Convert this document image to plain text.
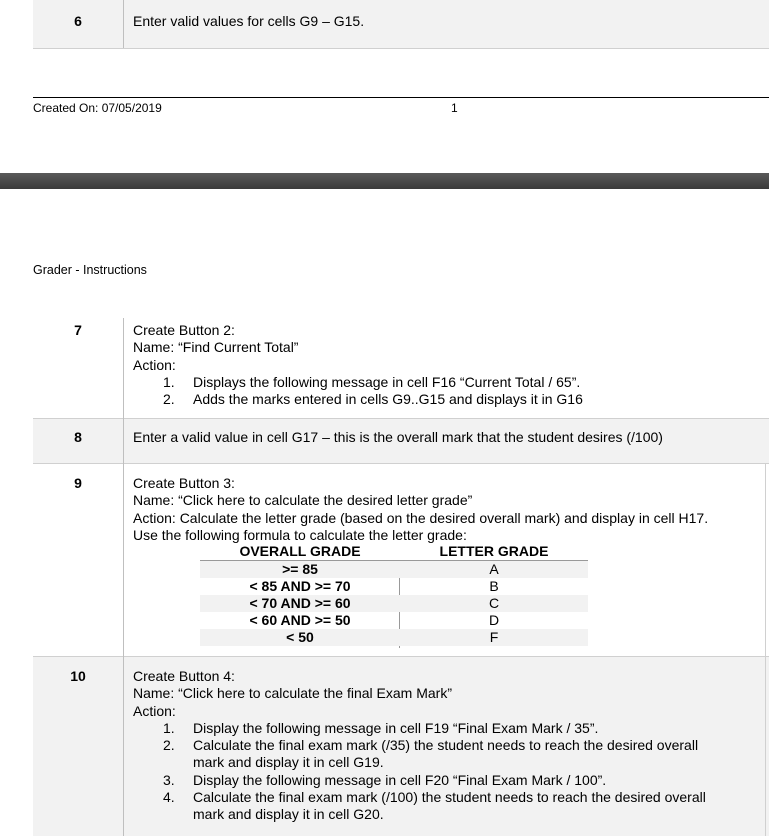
6	Enter valid values for cells G9 – G15.
Created On: 07/05/2019	1
Grader - Instructions
7	Create Button 2:
Name: “Find Current Total”
Action:
1.	Displays the following message in cell F16 “Current Total / 65”.
2.	Adds the marks entered in cells G9..G15 and displays it in G16
8	Enter a valid value in cell G17 – this is the overall mark that the student desires (/100)
9	Create Button 3:
Name: “Click here to calculate the desired letter grade”
Action: Calculate the letter grade (based on the desired overall mark) and display in cell H17.
Use the following formula to calculate the letter grade:
OVERALL GRADE	LETTER GRADE
>= 85	A
< 85 AND >= 70	B
< 70 AND >= 60	C
< 60 AND >= 50	D
< 50	F
10	Create Button 4:
Name: “Click here to calculate the final Exam Mark”
Action:
1.	Display the following message in cell F19 “Final Exam Mark / 35”.
2.	Calculate the final exam mark (/35) the student needs to reach the desired overall
mark and display it in cell G19.
3.	Display the following message in cell F20 “Final Exam Mark / 100”.
4.	Calculate the final exam mark (/100) the student needs to reach the desired overall
mark and display it in cell G20.
